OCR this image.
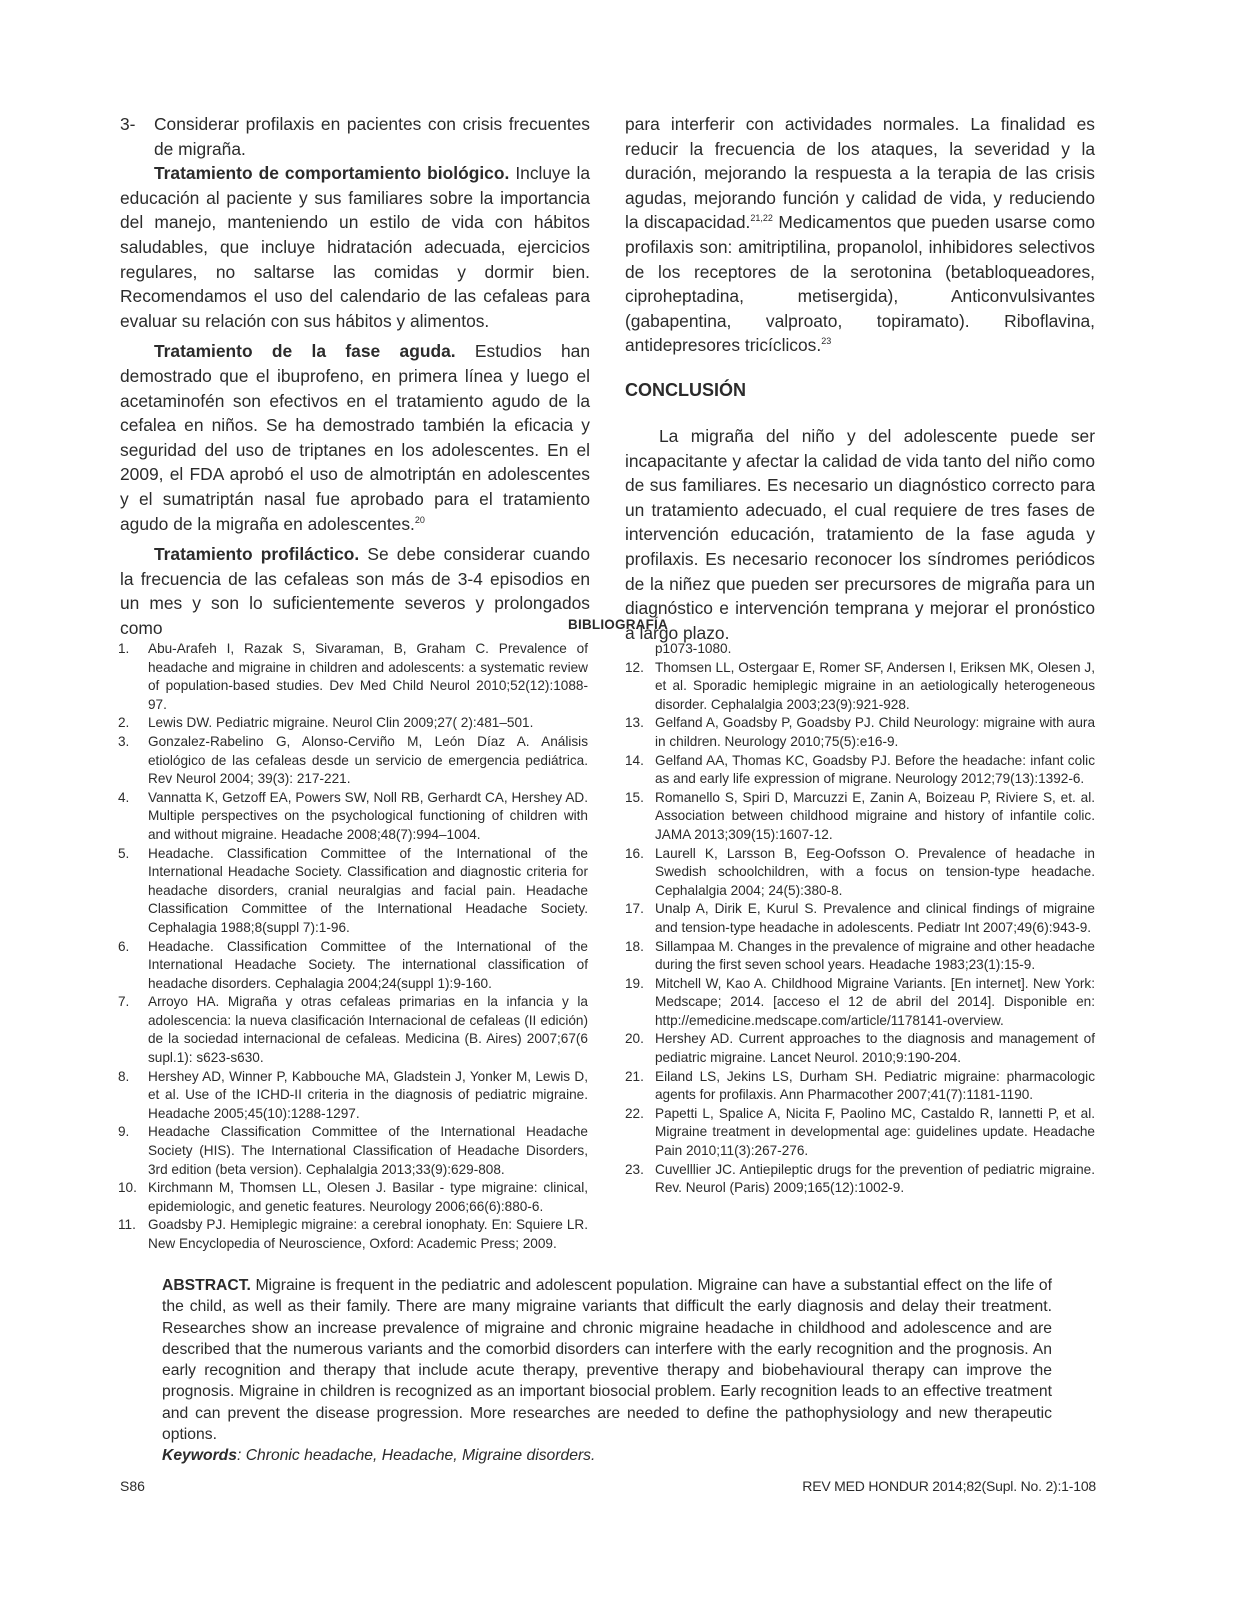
3-	Considerar profilaxis en pacientes con crisis frecuentes de migraña.

Tratamiento de comportamiento biológico. Incluye la educación al paciente y sus familiares sobre la importancia del manejo, manteniendo un estilo de vida con hábitos saludables, que incluye hidratación adecuada, ejercicios regulares, no saltarse las comidas y dormir bien. Recomendamos el uso del calendario de las cefaleas para evaluar su relación con sus hábitos y alimentos.

Tratamiento de la fase aguda. Estudios han demostrado que el ibuprofeno, en primera línea y luego el acetaminofén son efectivos en el tratamiento agudo de la cefalea en niños. Se ha demostrado también la eficacia y seguridad del uso de triptanes en los adolescentes. En el 2009, el FDA aprobó el uso de almotriptán en adolescentes y el sumatriptán nasal fue aprobado para el tratamiento agudo de la migraña en adolescentes.$^{20}$

Tratamiento profiláctico. Se debe considerar cuando la frecuencia de las cefaleas son más de 3-4 episodios en un mes y son lo suficientemente severos y prolongados como

para interferir con actividades normales. La finalidad es reducir la frecuencia de los ataques, la severidad y la duración, mejorando la respuesta a la terapia de las crisis agudas, mejorando función y calidad de vida, y reduciendo la discapacidad.$^{21,22}$ Medicamentos que pueden usarse como profilaxis son: amitriptilina, propanolol, inhibidores selectivos de los receptores de la serotonina (betabloqueadores, ciproheptadina, metisergida), Anticonvulsivantes (gabapentina, valproato, topiramato). Riboflavina, antidepresores tricíclicos.$^{23}$

CONCLUSIÓN

La migraña del niño y del adolescente puede ser incapacitante y afectar la calidad de vida tanto del niño como de sus familiares. Es necesario un diagnóstico correcto para un tratamiento adecuado, el cual requiere de tres fases de intervención educación, tratamiento de la fase aguda y profilaxis. Es necesario reconocer los síndromes periódicos de la niñez que pueden ser precursores de migraña para un diagnóstico e intervención temprana y mejorar el pronóstico a largo plazo.

BIBLIOGRAFÍA
1.	Abu-Arafeh I, Razak S, Sivaraman, B, Graham C. Prevalence of headache and migraine in children and adolescents: a systematic review of population-based studies. Dev Med Child Neurol 2010;52(12):1088-97.
2.	Lewis DW. Pediatric migraine. Neurol Clin 2009;27( 2):481–501.
3.	Gonzalez-Rabelino G, Alonso-Cerviño M, León Díaz A. Análisis etiológico de las cefaleas desde un servicio de emergencia pediátrica. Rev Neurol 2004; 39(3): 217-221.
4.	Vannatta K, Getzoff EA, Powers SW, Noll RB, Gerhardt CA, Hershey AD. Multiple perspectives on the psychological functioning of children with and without migraine. Headache 2008;48(7):994–1004.
5.	Headache. Classification Committee of the International of the International Headache Society. Classification and diagnostic criteria for headache disorders, cranial neuralgias and facial pain. Headache Classification Committee of the International Headache Society. Cephalagia 1988;8(suppl 7):1-96.
6.	Headache. Classification Committee of the International of the International Headache Society. The international classification of headache disorders. Cephalagia 2004;24(suppl 1):9-160.
7.	Arroyo HA. Migraña y otras cefaleas primarias en la infancia y la adolescencia: la nueva clasificación Internacional de cefaleas (II edición) de la sociedad internacional de cefaleas. Medicina (B. Aires) 2007;67(6 supl.1): s623-s630.
8.	Hershey AD, Winner P, Kabbouche MA, Gladstein J, Yonker M, Lewis D, et al. Use of the ICHD-II criteria in the diagnosis of pediatric migraine. Headache 2005;45(10):1288-1297.
9.	Headache Classification Committee of the International Headache Society (HIS). The International Classification of Headache Disorders, 3rd edition (beta version). Cephalalgia 2013;33(9):629-808.
10. Kirchmann M, Thomsen LL, Olesen J. Basilar - type migraine: clinical, epidemiologic, and genetic features. Neurology 2006;66(6):880-6.
11. Goadsby PJ. Hemiplegic migraine: a cerebral ionophaty. En: Squiere LR. New Encyclopedia of Neuroscience, Oxford: Academic Press; 2009.
p1073-1080.
12. Thomsen LL, Ostergaar E, Romer SF, Andersen I, Eriksen MK, Olesen J, et al. Sporadic hemiplegic migraine in an aetiologically heterogeneous disorder. Cephalalgia 2003;23(9):921-928.
13. Gelfand A, Goadsby P, Goadsby PJ. Child Neurology: migraine with aura in children. Neurology 2010;75(5):e16-9.
14. Gelfand AA, Thomas KC, Goadsby PJ. Before the headache: infant colic as and early life expression of migrane. Neurology 2012;79(13):1392-6.
15. Romanello S, Spiri D, Marcuzzi E, Zanin A, Boizeau P, Riviere S, et. al. Association between childhood migraine and history of infantile colic. JAMA 2013;309(15):1607-12.
16. Laurell K, Larsson B, Eeg-Oofsson O. Prevalence of headache in Swedish schoolchildren, with a focus on tension-type headache. Cephalalgia 2004; 24(5):380-8.
17. Unalp A, Dirik E, Kurul S. Prevalence and clinical findings of migraine and tension-type headache in adolescents. Pediatr Int 2007;49(6):943-9.
18. Sillampaa M. Changes in the prevalence of migraine and other headache during the first seven school years. Headache 1983;23(1):15-9.
19. Mitchell W, Kao A. Childhood Migraine Variants. [En internet]. New York: Medscape; 2014. [acceso el 12 de abril del 2014]. Disponible en: http://emedicine.medscape.com/article/1178141-overview.
20. Hershey AD. Current approaches to the diagnosis and management of pediatric migraine. Lancet Neurol. 2010;9:190-204.
21. Eiland LS, Jekins LS, Durham SH. Pediatric migraine: pharmacologic agents for profilaxis. Ann Pharmacother 2007;41(7):1181-1190.
22. Papetti L, Spalice A, Nicita F, Paolino MC, Castaldo R, Iannetti P, et al. Migraine treatment in developmental age: guidelines update. Headache Pain 2010;11(3):267-276.
23. Cuvelllier JC. Antiepileptic drugs for the prevention of pediatric migraine. Rev. Neurol (Paris) 2009;165(12):1002-9.
ABSTRACT. Migraine is frequent in the pediatric and adolescent population. Migraine can have a substantial effect on the life of the child, as well as their family. There are many migraine variants that difficult the early diagnosis and delay their treatment. Researches show an increase prevalence of migraine and chronic migraine headache in childhood and adolescence and are described that the numerous variants and the comorbid disorders can interfere with the early recognition and the prognosis. An early recognition and therapy that include acute therapy, preventive therapy and biobehavioural therapy can improve the prognosis. Migraine in children is recognized as an important biosocial problem. Early recognition leads to an effective treatment and can prevent the disease progression. More researches are needed to define the pathophysiology and new therapeutic options.
Keywords: Chronic headache, Headache, Migraine disorders.
S86	REV MED HONDUR 2014;82(Supl. No. 2):1-108
